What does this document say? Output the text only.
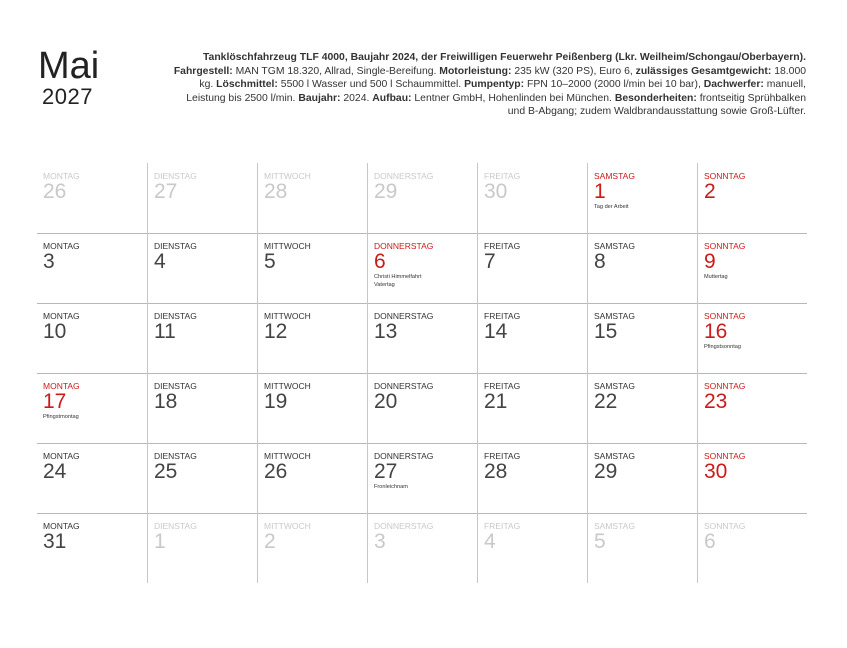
Mai
2027
Tanklöschfahrzeug TLF 4000, Baujahr 2024, der Freiwilligen Feuerwehr Peißenberg (Lkr. Weilheim/Schongau/Oberbayern).
Fahrgestell: MAN TGM 18.320, Allrad, Single-Bereifung. Motorleistung: 235 kW (320 PS), Euro 6, zulässiges Gesamtgewicht: 18.000
kg. Löschmittel: 5500 l Wasser und 500 l Schaummittel. Pumpentyp: FPN 10–2000 (2000 l/min bei 10 bar), Dachwerfer: manuell,
Leistung bis 2500 l/min. Baujahr: 2024. Aufbau: Lentner GmbH, Hohenlinden bei München. Besonderheiten: frontseitig Sprühbalken
und B-Abgang; zudem Waldbrandausstattung sowie Groß-Lüfter.
MONTAG
26
DIENSTAG
27
MITTWOCH
28
DONNERSTAG
29
FREITAG
30
SAMSTAG
1
Tag der Arbeit
SONNTAG
2
MONTAG
3
DIENSTAG
4
MITTWOCH
5
DONNERSTAG
6
Christi Himmelfahrt
Vatertag
FREITAG
7
SAMSTAG
8
SONNTAG
9
Muttertag
MONTAG
10
DIENSTAG
11
MITTWOCH
12
DONNERSTAG
13
FREITAG
14
SAMSTAG
15
SONNTAG
16
Pfingstsonntag
MONTAG
17
Pfingstmontag
DIENSTAG
18
MITTWOCH
19
DONNERSTAG
20
FREITAG
21
SAMSTAG
22
SONNTAG
23
MONTAG
24
DIENSTAG
25
MITTWOCH
26
DONNERSTAG
27
Fronleichnam
FREITAG
28
SAMSTAG
29
SONNTAG
30
MONTAG
31
DIENSTAG
1
MITTWOCH
2
DONNERSTAG
3
FREITAG
4
SAMSTAG
5
SONNTAG
6
